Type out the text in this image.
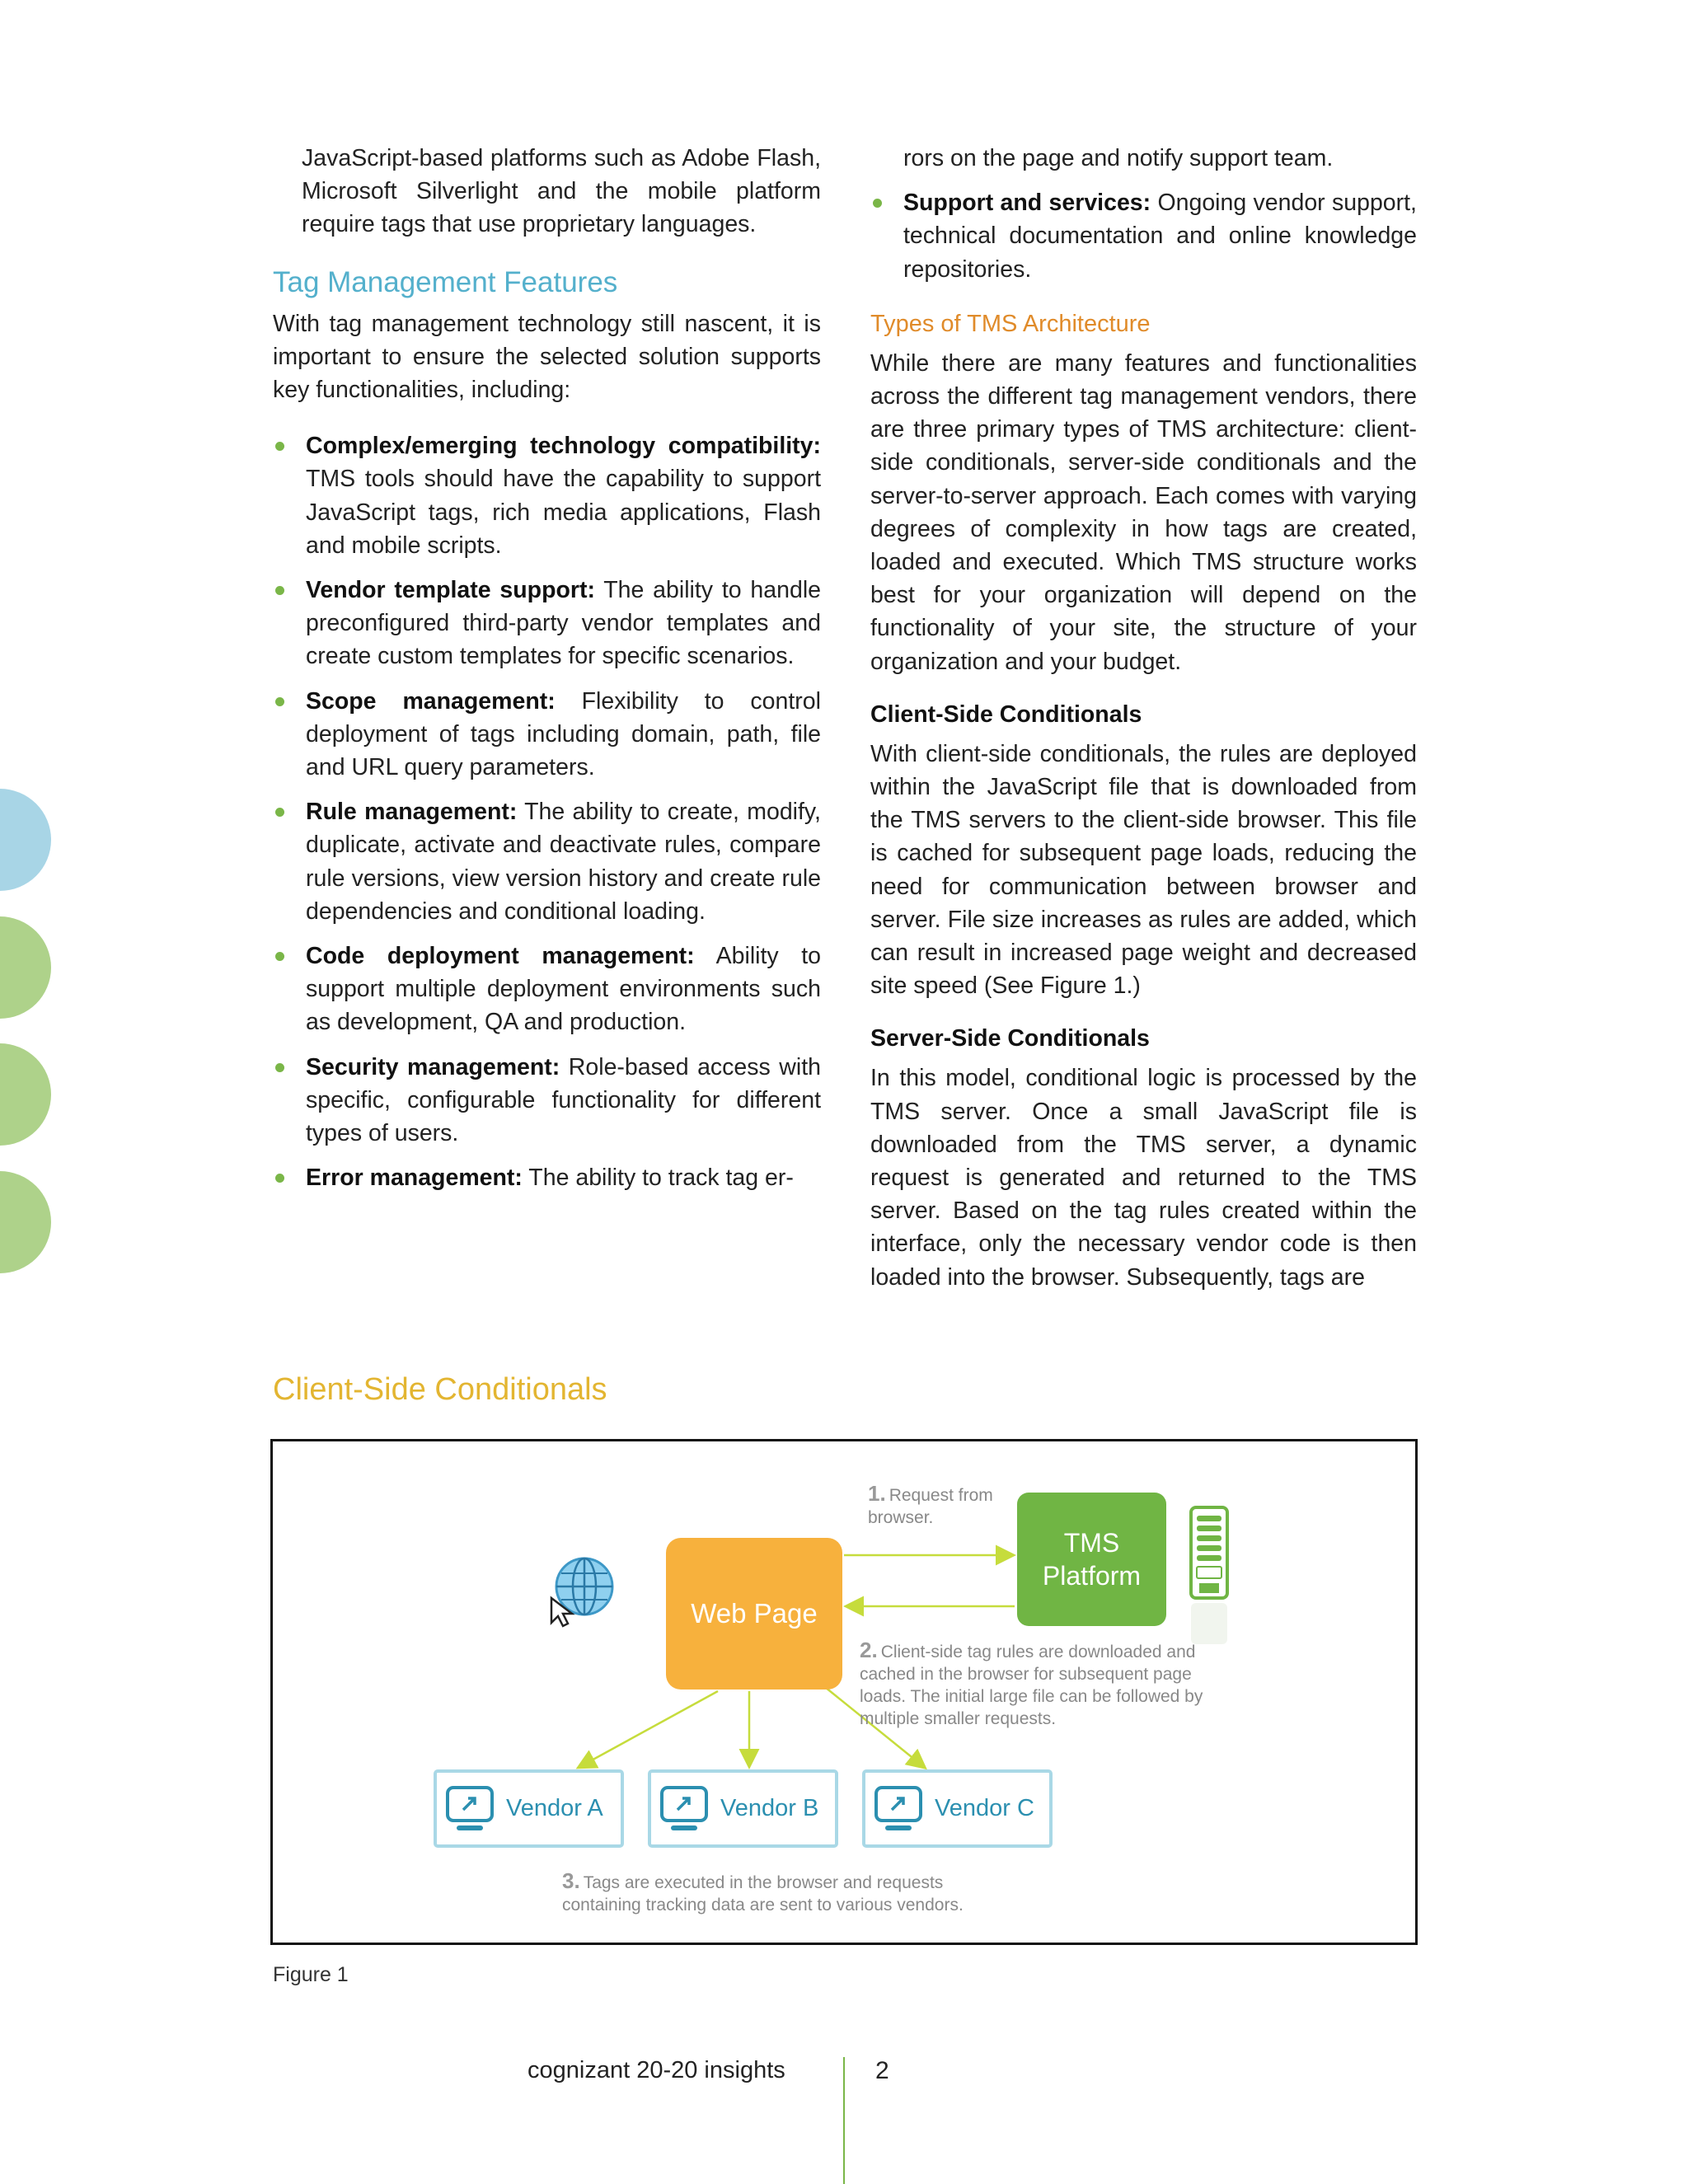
JavaScript-based platforms such as Adobe Flash, Microsoft Silverlight and the mobile platform require tags that use proprietary languages.

Tag Management Features

With tag management technology still nascent, it is important to ensure the selected solution supports key functionalities, including:

Complex/emerging technology compatibility: TMS tools should have the capability to support JavaScript tags, rich media applications, Flash and mobile scripts.

Vendor template support: The ability to handle preconfigured third-party vendor templates and create custom templates for specific scenarios.

Scope management: Flexibility to control deployment of tags including domain, path, file and URL query parameters.

Rule management: The ability to create, modify, duplicate, activate and deactivate rules, compare rule versions, view version history and create rule dependencies and conditional loading.

Code deployment management: Ability to support multiple deployment environments such as development, QA and production.

Security management: Role-based access with specific, configurable functionality for different types of users.

Error management: The ability to track tag er-

rors on the page and notify support team.

Support and services: Ongoing vendor support, technical documentation and online knowledge repositories.

Types of TMS Architecture

While there are many features and functionalities across the different tag management vendors, there are three primary types of TMS architecture: client-side conditionals, server-side conditionals and the server-to-server approach. Each comes with varying degrees of complexity in how tags are created, loaded and executed. Which TMS structure works best for your organization will depend on the functionality of your site, the structure of your organization and your budget.

Client-Side Conditionals

With client-side conditionals, the rules are deployed within the JavaScript file that is downloaded from the TMS servers to the client-side browser. This file is cached for subsequent page loads, reducing the need for communication between browser and server. File size increases as rules are added, which can result in increased page weight and decreased site speed (See Figure 1.)

Server-Side Conditionals

In this model, conditional logic is processed by the TMS server. Once a small JavaScript file is downloaded from the TMS server, a dynamic request is generated and returned to the TMS server. Based on the tag rules created within the interface, only the necessary vendor code is then loaded into the browser. Subsequently, tags are

Client-Side Conditionals
Web Page
TMS Platform
1. Request from browser.
2. Client-side tag rules are downloaded and cached in the browser for subsequent page loads. The initial large file can be followed by multiple smaller requests.
Vendor A	Vendor B	Vendor C
3. Tags are executed in the browser and requests containing tracking data are sent to various vendors.
Figure 1
cognizant 20-20 insights	2
